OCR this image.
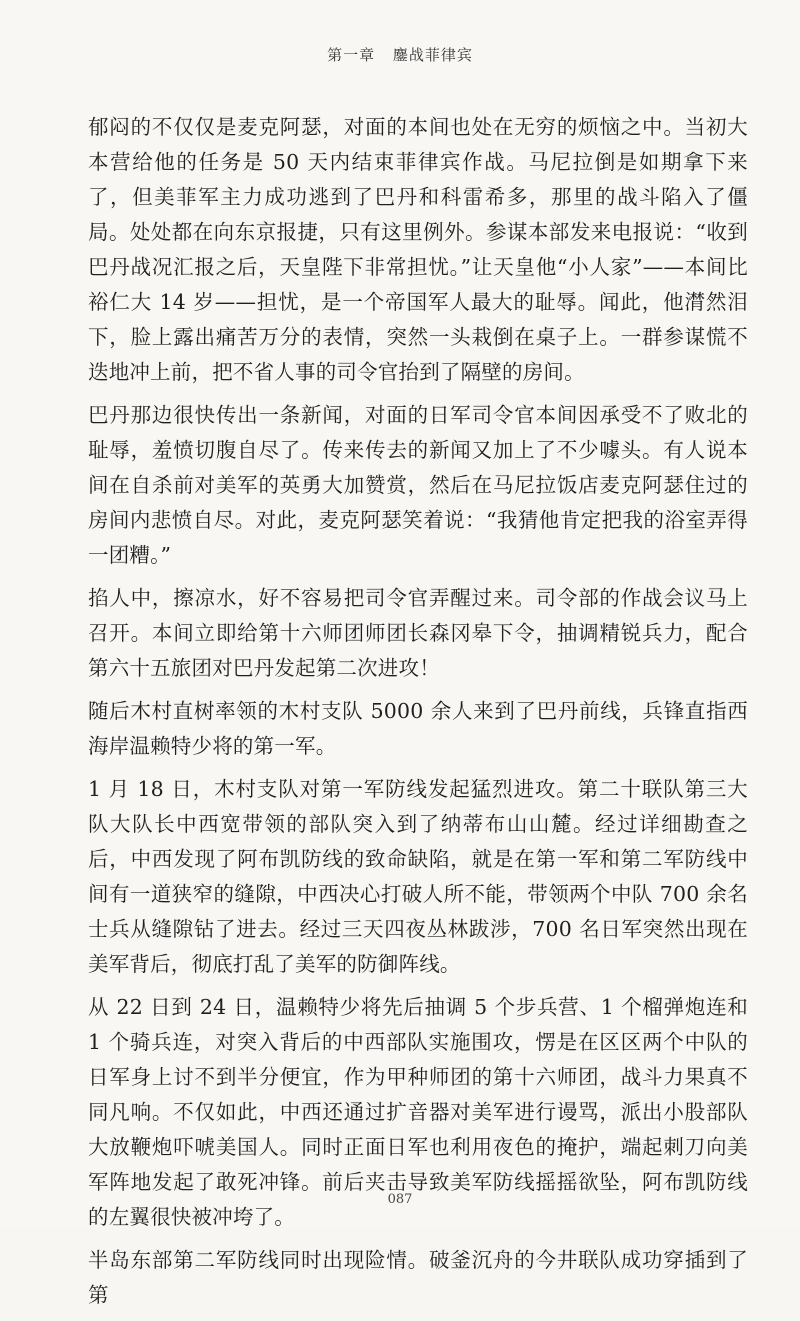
第一章 鏖战菲律宾

郁闷的不仅仅是麦克阿瑟，对面的本间也处在无穷的烦恼之中。当初大本营给他的任务是 50 天内结束菲律宾作战。马尼拉倒是如期拿下来了，但美菲军主力成功逃到了巴丹和科雷希多，那里的战斗陷入了僵局。处处都在向东京报捷，只有这里例外。参谋本部发来电报说：“收到巴丹战况汇报之后，天皇陛下非常担忧。”让天皇他“小人家”——本间比裕仁大 14 岁——担忧，是一个帝国军人最大的耻辱。闻此，他潸然泪下，脸上露出痛苦万分的表情，突然一头栽倒在桌子上。一群参谋慌不迭地冲上前，把不省人事的司令官抬到了隔壁的房间。

巴丹那边很快传出一条新闻，对面的日军司令官本间因承受不了败北的耻辱，羞愤切腹自尽了。传来传去的新闻又加上了不少噱头。有人说本间在自杀前对美军的英勇大加赞赏，然后在马尼拉饭店麦克阿瑟住过的房间内悲愤自尽。对此，麦克阿瑟笑着说：“我猜他肯定把我的浴室弄得一团糟。”

掐人中，擦凉水，好不容易把司令官弄醒过来。司令部的作战会议马上召开。本间立即给第十六师团师团长森冈皋下令，抽调精锐兵力，配合第六十五旅团对巴丹发起第二次进攻！

随后木村直树率领的木村支队 5000 余人来到了巴丹前线，兵锋直指西海岸温赖特少将的第一军。

1 月 18 日，木村支队对第一军防线发起猛烈进攻。第二十联队第三大队大队长中西宽带领的部队突入到了纳蒂布山山麓。经过详细勘查之后，中西发现了阿布凯防线的致命缺陷，就是在第一军和第二军防线中间有一道狭窄的缝隙，中西决心打破人所不能，带领两个中队 700 余名士兵从缝隙钻了进去。经过三天四夜丛林跋涉，700 名日军突然出现在美军背后，彻底打乱了美军的防御阵线。

从 22 日到 24 日，温赖特少将先后抽调 5 个步兵营、1 个榴弹炮连和 1 个骑兵连，对突入背后的中西部队实施围攻，愣是在区区两个中队的日军身上讨不到半分便宜，作为甲种师团的第十六师团，战斗力果真不同凡响。不仅如此，中西还通过扩音器对美军进行谩骂，派出小股部队大放鞭炮吓唬美国人。同时正面日军也利用夜色的掩护，端起刺刀向美军阵地发起了敢死冲锋。前后夹击导致美军防线摇摇欲坠，阿布凯防线的左翼很快被冲垮了。

半岛东部第二军防线同时出现险情。破釜沉舟的今井联队成功穿插到了第

087
